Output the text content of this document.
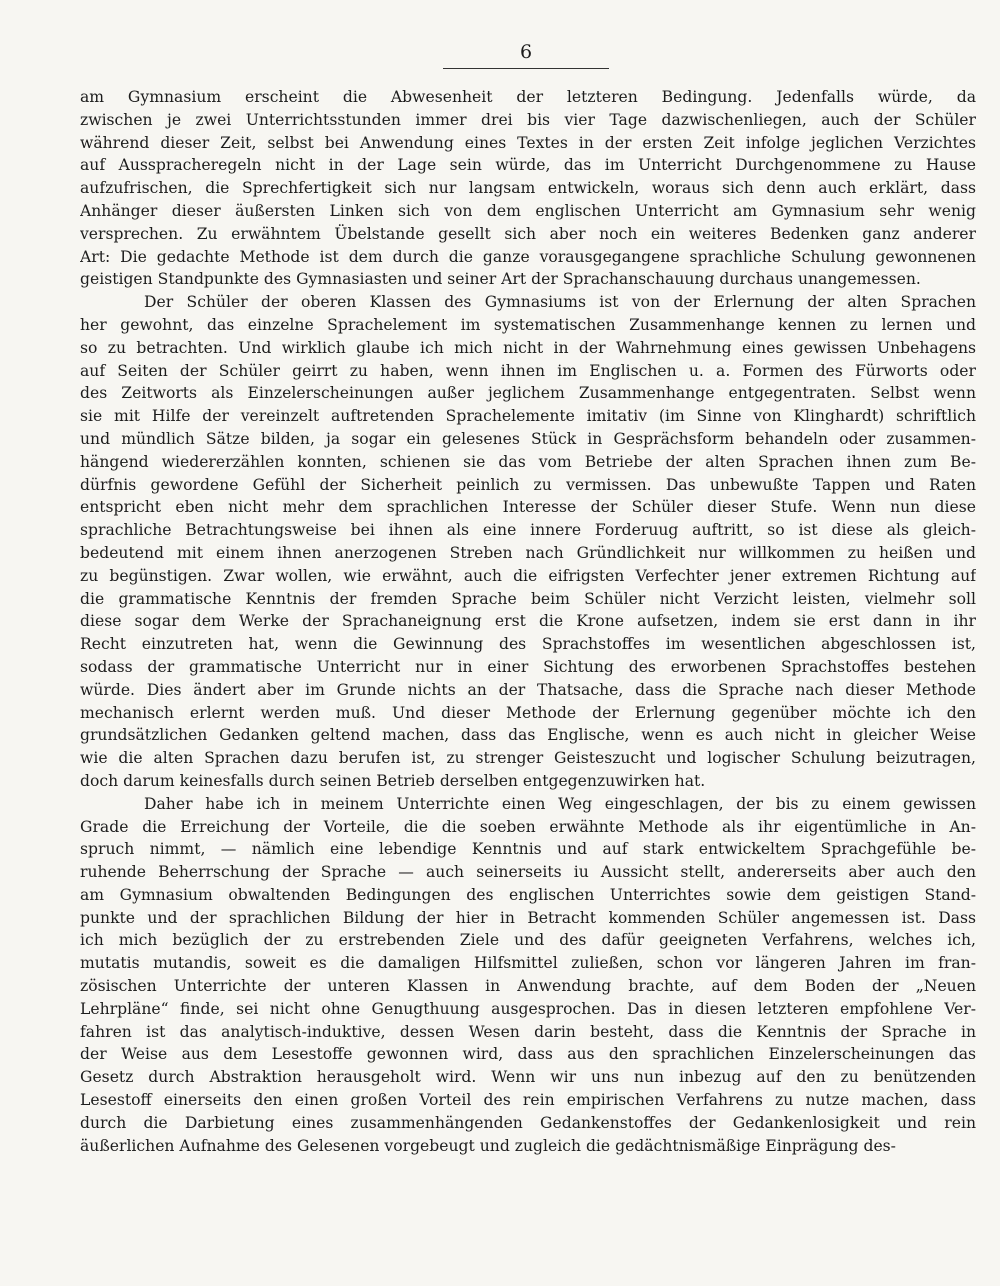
6
am Gymnasium erscheint die Abwesenheit der letzteren Bedingung. Jedenfalls würde, da
zwischen je zwei Unterrichtsstunden immer drei bis vier Tage dazwischenliegen, auch der Schüler
während dieser Zeit, selbst bei Anwendung eines Textes in der ersten Zeit infolge jeglichen Verzichtes
auf Ausspracheregeln nicht in der Lage sein würde, das im Unterricht Durchgenommene zu Hause
aufzufrischen, die Sprechfertigkeit sich nur langsam entwickeln, woraus sich denn auch erklärt, dass
Anhänger dieser äußersten Linken sich von dem englischen Unterricht am Gymnasium sehr wenig
versprechen. Zu erwähntem Übelstande gesellt sich aber noch ein weiteres Bedenken ganz anderer
Art: Die gedachte Methode ist dem durch die ganze vorausgegangene sprachliche Schulung gewonnenen
geistigen Standpunkte des Gymnasiasten und seiner Art der Sprachanschauung durchaus unangemessen.
Der Schüler der oberen Klassen des Gymnasiums ist von der Erlernung der alten Sprachen
her gewohnt, das einzelne Sprachelement im systematischen Zusammenhange kennen zu lernen und
so zu betrachten. Und wirklich glaube ich mich nicht in der Wahrnehmung eines gewissen Unbehagens
auf Seiten der Schüler geirrt zu haben, wenn ihnen im Englischen u. a. Formen des Fürworts oder
des Zeitworts als Einzelerscheinungen außer jeglichem Zusammenhange entgegentraten. Selbst wenn
sie mit Hilfe der vereinzelt auftretenden Sprachelemente imitativ (im Sinne von Klinghardt) schriftlich
und mündlich Sätze bilden, ja sogar ein gelesenes Stück in Gesprächsform behandeln oder zusammen-
hängend wiedererzählen konnten, schienen sie das vom Betriebe der alten Sprachen ihnen zum Be-
dürfnis gewordene Gefühl der Sicherheit peinlich zu vermissen. Das unbewußte Tappen und Raten
entspricht eben nicht mehr dem sprachlichen Interesse der Schüler dieser Stufe. Wenn nun diese
sprachliche Betrachtungsweise bei ihnen als eine innere Forderuug auftritt, so ist diese als gleich-
bedeutend mit einem ihnen anerzogenen Streben nach Gründlichkeit nur willkommen zu heißen und
zu begünstigen. Zwar wollen, wie erwähnt, auch die eifrigsten Verfechter jener extremen Richtung auf
die grammatische Kenntnis der fremden Sprache beim Schüler nicht Verzicht leisten, vielmehr soll
diese sogar dem Werke der Sprachaneignung erst die Krone aufsetzen, indem sie erst dann in ihr
Recht einzutreten hat, wenn die Gewinnung des Sprachstoffes im wesentlichen abgeschlossen ist,
sodass der grammatische Unterricht nur in einer Sichtung des erworbenen Sprachstoffes bestehen
würde. Dies ändert aber im Grunde nichts an der Thatsache, dass die Sprache nach dieser Methode
mechanisch erlernt werden muß. Und dieser Methode der Erlernung gegenüber möchte ich den
grundsätzlichen Gedanken geltend machen, dass das Englische, wenn es auch nicht in gleicher Weise
wie die alten Sprachen dazu berufen ist, zu strenger Geisteszucht und logischer Schulung beizutragen,
doch darum keinesfalls durch seinen Betrieb derselben entgegenzuwirken hat.
Daher habe ich in meinem Unterrichte einen Weg eingeschlagen, der bis zu einem gewissen
Grade die Erreichung der Vorteile, die die soeben erwähnte Methode als ihr eigentümliche in An-
spruch nimmt, — nämlich eine lebendige Kenntnis und auf stark entwickeltem Sprachgefühle be-
ruhende Beherrschung der Sprache — auch seinerseits iu Aussicht stellt, andererseits aber auch den
am Gymnasium obwaltenden Bedingungen des englischen Unterrichtes sowie dem geistigen Stand-
punkte und der sprachlichen Bildung der hier in Betracht kommenden Schüler angemessen ist. Dass
ich mich bezüglich der zu erstrebenden Ziele und des dafür geeigneten Verfahrens, welches ich,
mutatis mutandis, soweit es die damaligen Hilfsmittel zuließen, schon vor längeren Jahren im fran-
zösischen Unterrichte der unteren Klassen in Anwendung brachte, auf dem Boden der „Neuen
Lehrpläne“ finde, sei nicht ohne Genugthuung ausgesprochen. Das in diesen letzteren empfohlene Ver-
fahren ist das analytisch-induktive, dessen Wesen darin besteht, dass die Kenntnis der Sprache in
der Weise aus dem Lesestoffe gewonnen wird, dass aus den sprachlichen Einzelerscheinungen das
Gesetz durch Abstraktion herausgeholt wird. Wenn wir uns nun inbezug auf den zu benützenden
Lesestoff einerseits den einen großen Vorteil des rein empirischen Verfahrens zu nutze machen, dass
durch die Darbietung eines zusammenhängenden Gedankenstoffes der Gedankenlosigkeit und rein
äußerlichen Aufnahme des Gelesenen vorgebeugt und zugleich die gedächtnismäßige Einprägung des-
